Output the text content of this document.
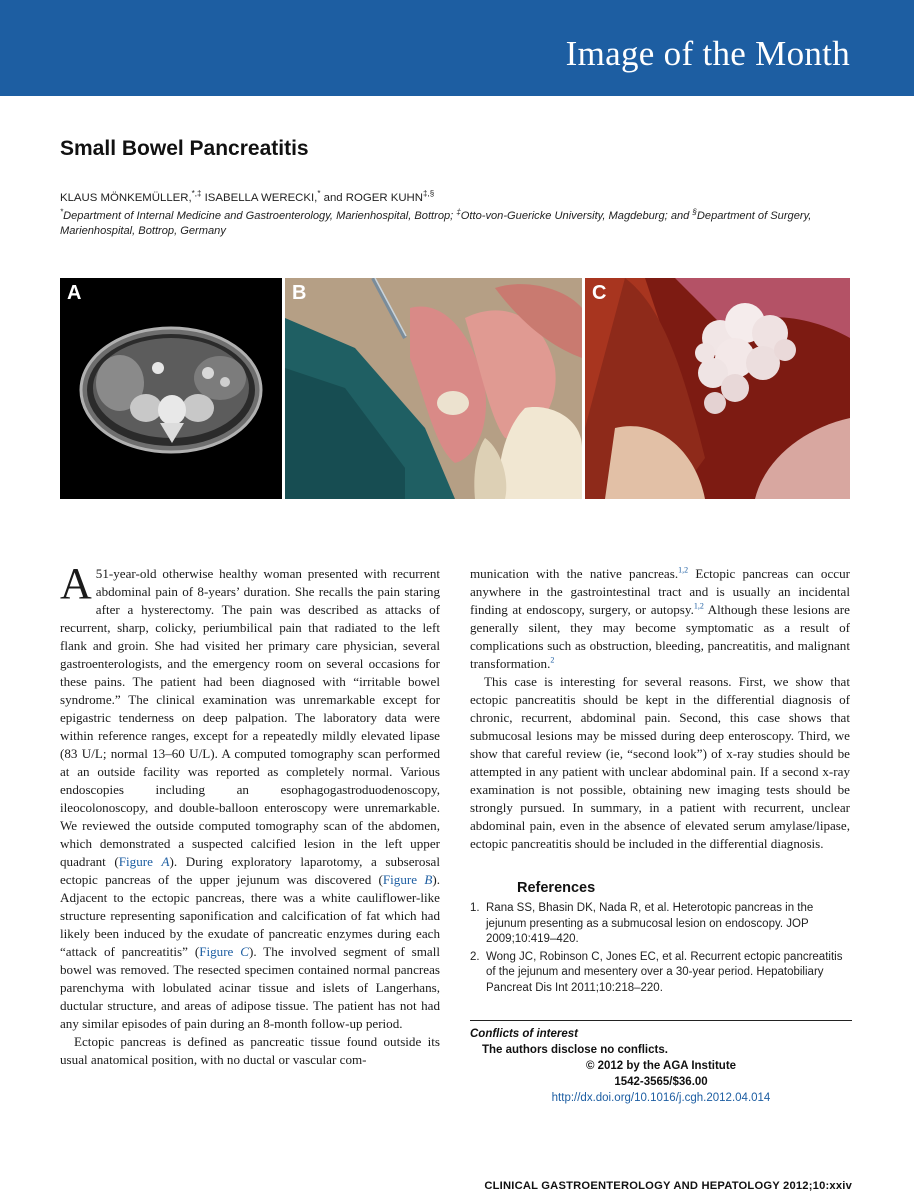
Image of the Month
Small Bowel Pancreatitis
KLAUS MÖNKEMÜLLER,*,‡ ISABELLA WERECKI,* and ROGER KUHN‡,§
*Department of Internal Medicine and Gastroenterology, Marienhospital, Bottrop; ‡Otto-von-Guericke University, Magdeburg; and §Department of Surgery, Marienhospital, Bottrop, Germany
A	B	C

A 51-year-old otherwise healthy woman presented with recurrent abdominal pain of 8-years’ duration. She recalls the pain staring after a hysterectomy. The pain was described as attacks of recurrent, sharp, colicky, periumbilical pain that radiated to the left flank and groin. She had visited her primary care physician, several gastroenterologists, and the emergency room on several occasions for these pains. The patient had been diagnosed with “irritable bowel syndrome.” The clinical examination was unremarkable except for epigastric tenderness on deep palpation. The laboratory data were within reference ranges, except for a repeatedly mildly elevated lipase (83 U/L; normal 13–60 U/L). A computed tomography scan performed at an outside facility was reported as completely normal. Various endoscopies including an esophagogastroduodenoscopy, ileocolonoscopy, and double-balloon enteroscopy were unremarkable. We reviewed the outside computed tomography scan of the abdomen, which demonstrated a suspected calcified lesion in the left upper quadrant (Figure A). During exploratory laparotomy, a subserosal ectopic pancreas of the upper jejunum was discovered (Figure B). Adjacent to the ectopic pancreas, there was a white cauliflower-like structure representing saponification and calcification of fat which had likely been induced by the exudate of pancreatic enzymes during each “attack of pancreatitis” (Figure C). The involved segment of small bowel was removed. The resected specimen contained normal pancreas parenchyma with lobulated acinar tissue and islets of Langerhans, ductular structure, and areas of adipose tissue. The patient has not had any similar episodes of pain during an 8-month follow-up period.

Ectopic pancreas is defined as pancreatic tissue found outside its usual anatomical position, with no ductal or vascular com-

munication with the native pancreas.$^{1,2}$ Ectopic pancreas can occur anywhere in the gastrointestinal tract and is usually an incidental finding at endoscopy, surgery, or autopsy.$^{1,2}$ Although these lesions are generally silent, they may become symptomatic as a result of complications such as obstruction, bleeding, pancreatitis, and malignant transformation.$^2$

This case is interesting for several reasons. First, we show that ectopic pancreatitis should be kept in the differential diagnosis of chronic, recurrent, abdominal pain. Second, this case shows that submucosal lesions may be missed during deep enteroscopy. Third, we show that careful review (ie, “second look”) of x-ray studies should be attempted in any patient with unclear abdominal pain. If a second x-ray examination is not possible, obtaining new imaging tests should be strongly pursued. In summary, in a patient with recurrent, unclear abdominal pain, even in the absence of elevated serum amylase/lipase, ectopic pancreatitis should be included in the differential diagnosis.

References
1. Rana SS, Bhasin DK, Nada R, et al. Heterotopic pancreas in the jejunum presenting as a submucosal lesion on endoscopy. JOP 2009;10:419–420.
2. Wong JC, Robinson C, Jones EC, et al. Recurrent ectopic pancreatitis of the jejunum and mesentery over a 30-year period. Hepatobiliary Pancreat Dis Int 2011;10:218–220.
Conflicts of interest
The authors disclose no conflicts.
© 2012 by the AGA Institute
1542-3565/$36.00
http://dx.doi.org/10.1016/j.cgh.2012.04.014
CLINICAL GASTROENTEROLOGY AND HEPATOLOGY 2012;10:xxiv
